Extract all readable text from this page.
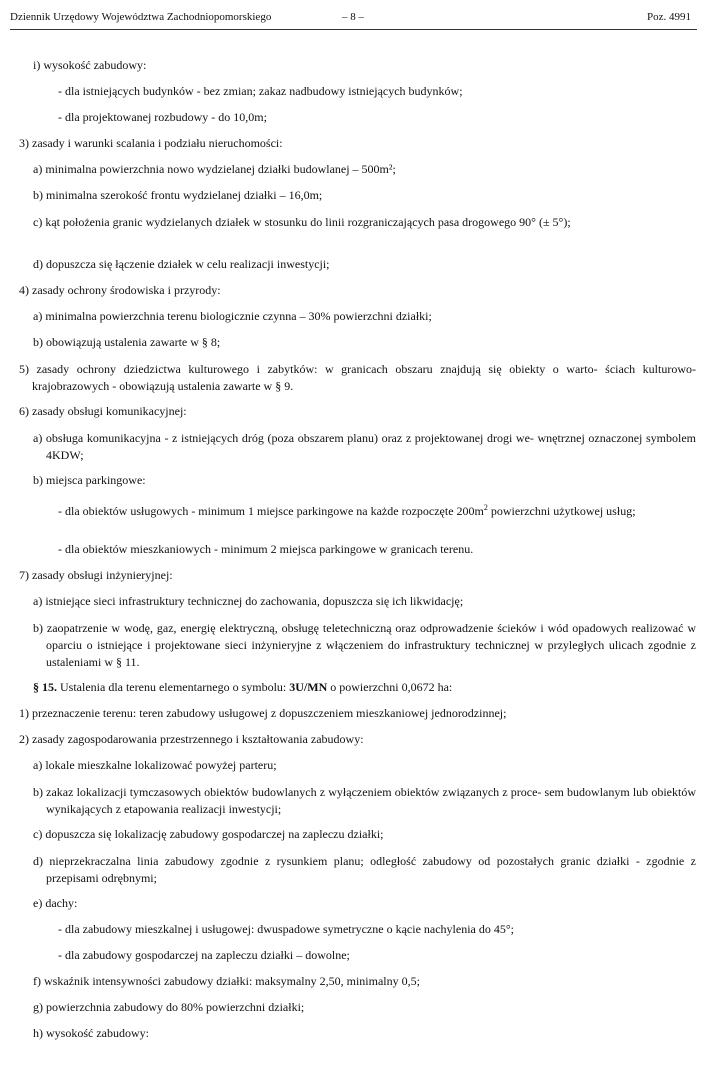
Dziennik Urzędowy Województwa Zachodniopomorskiego	– 8 –	Poz. 4991
i) wysokość zabudowy:
- dla istniejących budynków - bez zmian; zakaz nadbudowy istniejących budynków;
- dla projektowanej rozbudowy - do 10,0m;
3) zasady i warunki scalania i podziału nieruchomości:
a) minimalna powierzchnia nowo wydzielanej działki budowlanej – 500m²;
b) minimalna szerokość frontu wydzielanej działki – 16,0m;
c) kąt położenia granic wydzielanych działek w stosunku do linii rozgraniczających pasa drogowego 90° (± 5°);
d) dopuszcza się łączenie działek w celu realizacji inwestycji;
4) zasady ochrony środowiska i przyrody:
a) minimalna powierzchnia terenu biologicznie czynna – 30% powierzchni działki;
b) obowiązują ustalenia zawarte w § 8;
5) zasady ochrony dziedzictwa kulturowego i zabytków: w granicach obszaru znajdują się obiekty o warto- ściach kulturowo-krajobrazowych - obowiązują ustalenia zawarte w § 9.
6) zasady obsługi komunikacyjnej:
a) obsługa komunikacyjna - z istniejących dróg (poza obszarem planu) oraz z projektowanej drogi we- wnętrznej oznaczonej symbolem 4KDW;
b) miejsca parkingowe:
- dla obiektów usługowych - minimum 1 miejsce parkingowe na każde rozpoczęte $200m^2$ powierzchni użytkowej usług;
- dla obiektów mieszkaniowych - minimum 2 miejsca parkingowe w granicach terenu.
7) zasady obsługi inżynieryjnej:
a) istniejące sieci infrastruktury technicznej do zachowania, dopuszcza się ich likwidację;
b) zaopatrzenie w wodę, gaz, energię elektryczną, obsługę teletechniczną oraz odprowadzenie ścieków i wód opadowych realizować w oparciu o istniejące i projektowane sieci inżynieryjne z włączeniem do infrastruktury technicznej w przyległych ulicach zgodnie z ustaleniami w § 11.
§ 15. Ustalenia dla terenu elementarnego o symbolu: 3U/MN o powierzchni 0,0672 ha:
1) przeznaczenie terenu: teren zabudowy usługowej z dopuszczeniem mieszkaniowej jednorodzinnej;
2) zasady zagospodarowania przestrzennego i kształtowania zabudowy:
a) lokale mieszkalne lokalizować powyżej parteru;
b) zakaz lokalizacji tymczasowych obiektów budowlanych z wyłączeniem obiektów związanych z proce- sem budowlanym lub obiektów wynikających z etapowania realizacji inwestycji;
c) dopuszcza się lokalizację zabudowy gospodarczej na zapleczu działki;
d) nieprzekraczalna linia zabudowy zgodnie z rysunkiem planu; odległość zabudowy od pozostałych granic działki - zgodnie z przepisami odrębnymi;
e) dachy:
- dla zabudowy mieszkalnej i usługowej: dwuspadowe symetryczne o kącie nachylenia do 45°;
- dla zabudowy gospodarczej na zapleczu działki – dowolne;
f) wskaźnik intensywności zabudowy działki: maksymalny 2,50, minimalny 0,5;
g) powierzchnia zabudowy do 80% powierzchni działki;
h) wysokość zabudowy:
